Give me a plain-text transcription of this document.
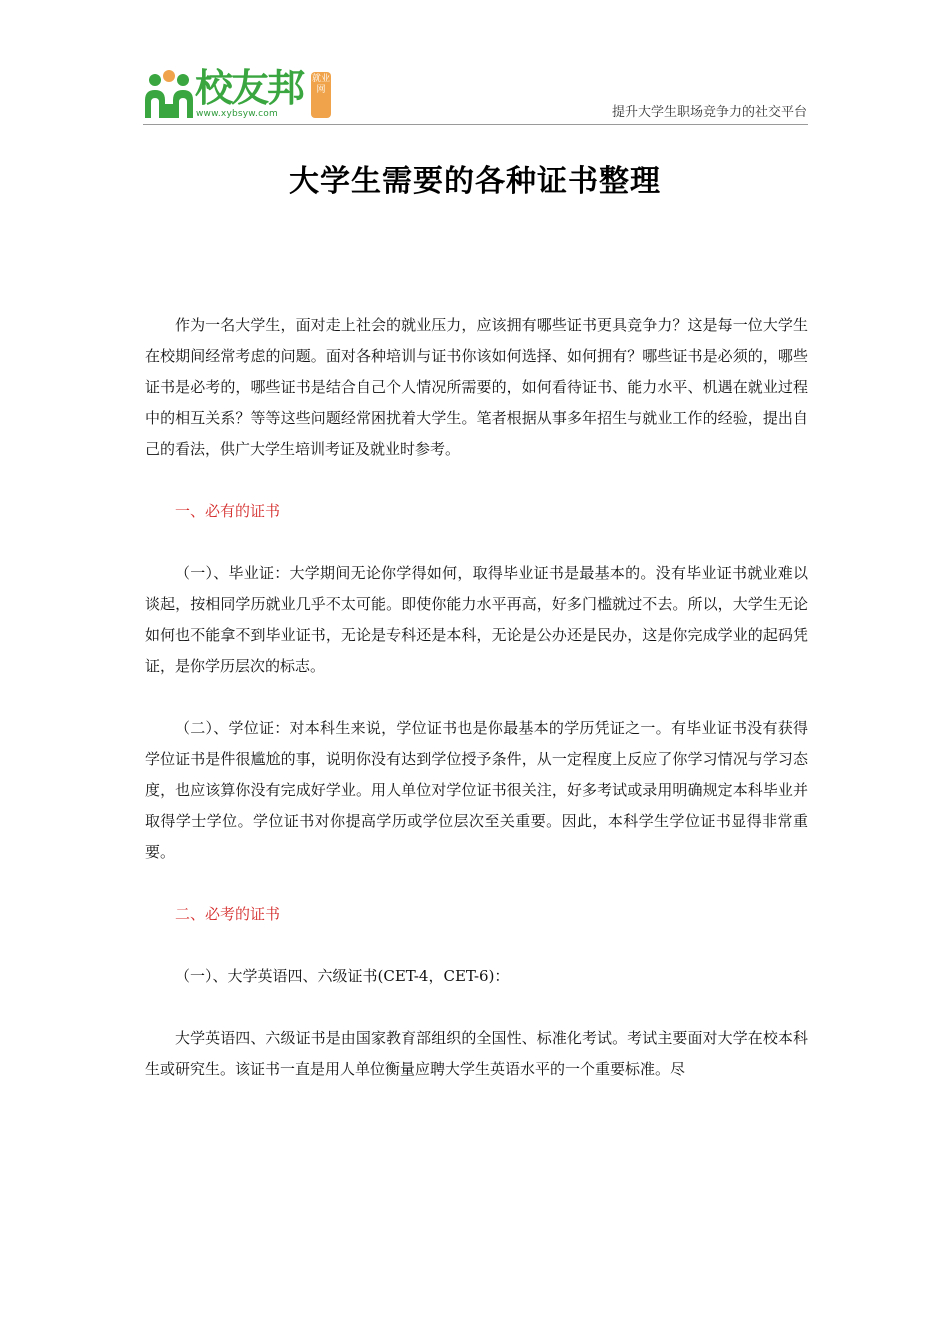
校友邦
www.xybsyw.com
就业网
提升大学生职场竞争力的社交平台
大学生需要的各种证书整理

作为一名大学生，面对走上社会的就业压力，应该拥有哪些证书更具竞争力？这是每一位大学生在校期间经常考虑的问题。面对各种培训与证书你该如何选择、如何拥有？哪些证书是必须的，哪些证书是必考的，哪些证书是结合自己个人情况所需要的，如何看待证书、能力水平、机遇在就业过程中的相互关系？等等这些问题经常困扰着大学生。笔者根据从事多年招生与就业工作的经验，提出自己的看法，供广大学生培训考证及就业时参考。

一、必有的证书

（一）、毕业证：大学期间无论你学得如何，取得毕业证书是最基本的。没有毕业证书就业难以谈起，按相同学历就业几乎不太可能。即使你能力水平再高，好多门槛就过不去。所以，大学生无论如何也不能拿不到毕业证书，无论是专科还是本科，无论是公办还是民办，这是你完成学业的起码凭证，是你学历层次的标志。

（二）、学位证：对本科生来说，学位证书也是你最基本的学历凭证之一。有毕业证书没有获得学位证书是件很尴尬的事，说明你没有达到学位授予条件，从一定程度上反应了你学习情况与学习态度，也应该算你没有完成好学业。用人单位对学位证书很关注，好多考试或录用明确规定本科毕业并取得学士学位。学位证书对你提高学历或学位层次至关重要。因此，本科学生学位证书显得非常重要。

二、必考的证书

（一）、大学英语四、六级证书(CET-4，CET-6)：

大学英语四、六级证书是由国家教育部组织的全国性、标准化考试。考试主要面对大学在校本科生或研究生。该证书一直是用人单位衡量应聘大学生英语水平的一个重要标准。尽
